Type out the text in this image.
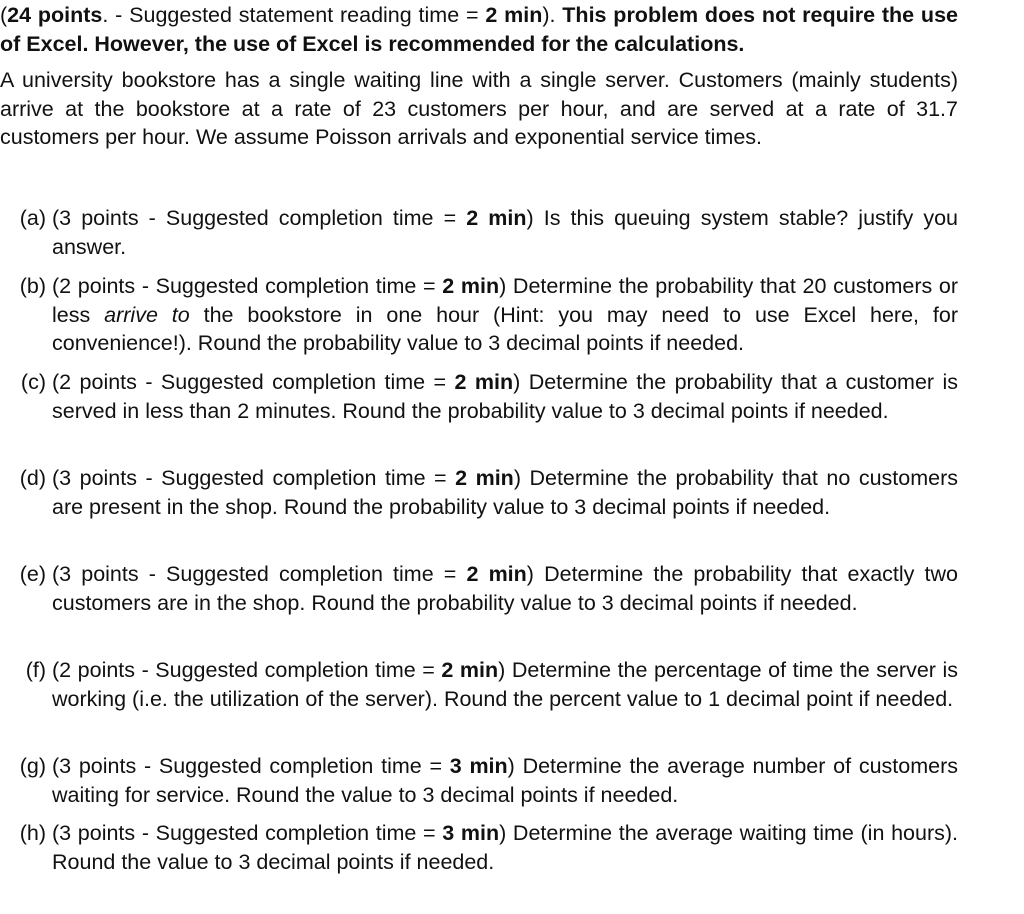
(24 points. - Suggested statement reading time = 2 min). This problem does not require the use of Excel. However, the use of Excel is recommended for the calculations.
A university bookstore has a single waiting line with a single server. Customers (mainly students) arrive at the bookstore at a rate of 23 customers per hour, and are served at a rate of 31.7 customers per hour. We assume Poisson arrivals and exponential service times.
(a) (3 points - Suggested completion time = 2 min) Is this queuing system stable? justify you answer.
(b) (2 points - Suggested completion time = 2 min) Determine the probability that 20 customers or less arrive to the bookstore in one hour (Hint: you may need to use Excel here, for convenience!). Round the probability value to 3 decimal points if needed.
(c) (2 points - Suggested completion time = 2 min) Determine the probability that a customer is served in less than 2 minutes. Round the probability value to 3 decimal points if needed.
(d) (3 points - Suggested completion time = 2 min) Determine the probability that no customers are present in the shop. Round the probability value to 3 decimal points if needed.
(e) (3 points - Suggested completion time = 2 min) Determine the probability that exactly two customers are in the shop. Round the probability value to 3 decimal points if needed.
(f) (2 points - Suggested completion time = 2 min) Determine the percentage of time the server is working (i.e. the utilization of the server). Round the percent value to 1 decimal point if needed.
(g) (3 points - Suggested completion time = 3 min) Determine the average number of customers waiting for service. Round the value to 3 decimal points if needed.
(h) (3 points - Suggested completion time = 3 min) Determine the average waiting time (in hours). Round the value to 3 decimal points if needed.
